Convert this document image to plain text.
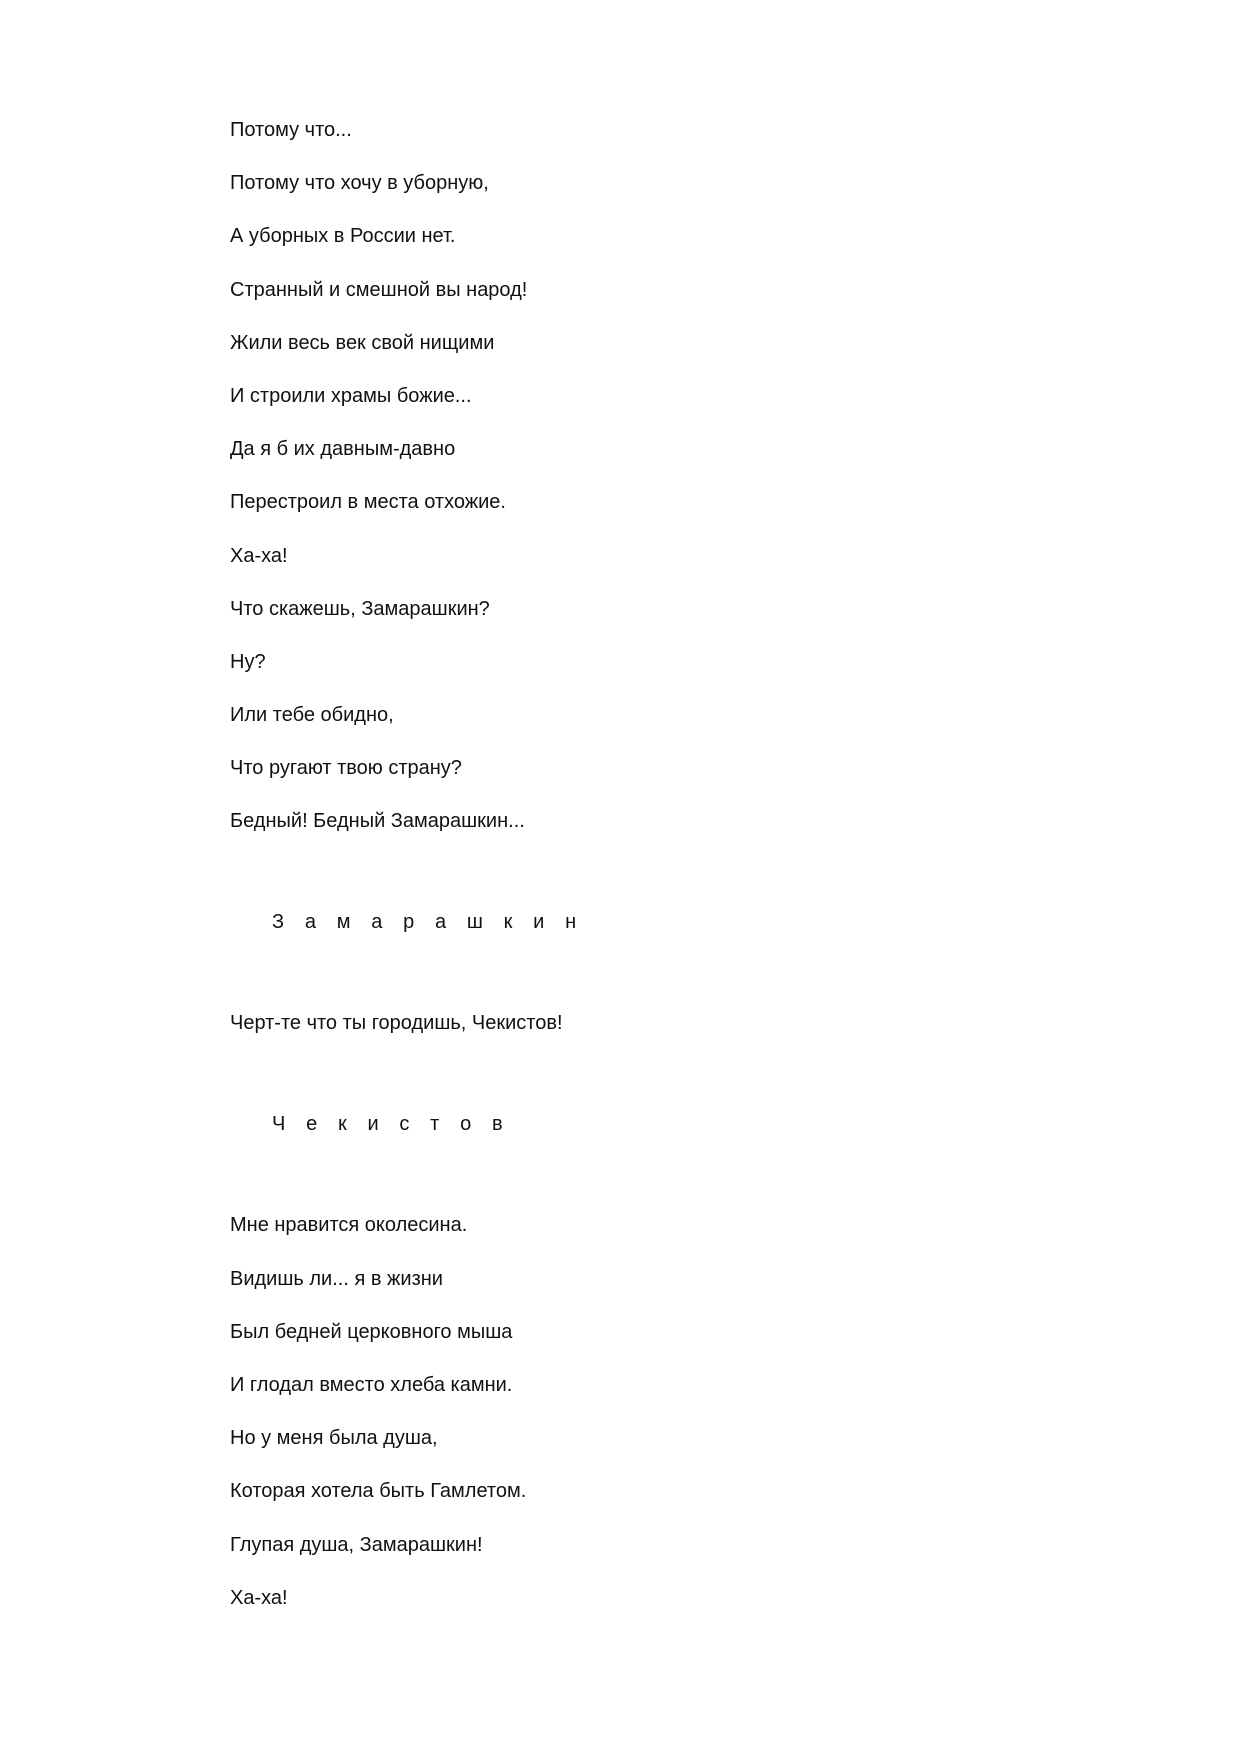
Потому что...
Потому что хочу в уборную,
А уборных в России нет.
Странный и смешной вы народ!
Жили весь век свой нищими
И строили храмы божие...
Да я б их давным-давно
Перестроил в места отхожие.
Ха-ха!
Что скажешь, Замарашкин?
Ну?
Или тебе обидно,
Что ругают твою страну?
Бедный! Бедный Замарашкин...
З а м а р а ш к и н
Черт-те что ты городишь, Чекистов!
Ч е к и с т о в
Мне нравится околесина.
Видишь ли... я в жизни
Был бедней церковного мыша
И глодал вместо хлеба камни.
Но у меня была душа,
Которая хотела быть Гамлетом.
Глупая душа, Замарашкин!
Ха-ха!
